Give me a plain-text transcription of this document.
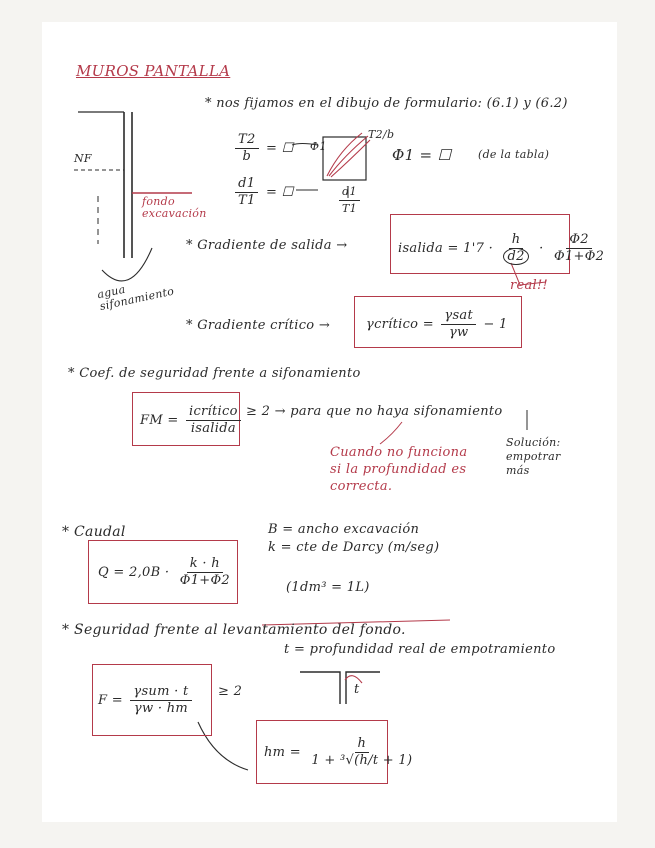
MUROS PANTALLA
* nos fijamos en el dibujo de formulario: (6.1) y (6.2)
NF
fondo excavación
agua sifonamiento
$\frac{T2}{b}$ = ☐
$\frac{d1}{T1}$ = ☐
Φ1
T2/b
$\frac{d1}{T1}$
Φ1 = ☐ (de la tabla)
* Gradiente de salida →	isalida = $1'7 \cdot \frac{h}{d2} \cdot \frac{\Phi 2}{\Phi 1+\Phi 2}$
real!!
* Gradiente crítico →	γcrítico = $\frac{\text{γsat}}{\gamma w} - 1$
* Coef. de seguridad frente a sifonamiento
FM = $\frac{\text{icrítico}}{\text{isalida}} \ge 2$ → para que no haya sifonamiento
Cuando no funciona si la profundidad es correcta.
Solución: empotrar más
* Caudal
$Q = 2,0B \cdot \frac{k \cdot h}{\Phi 1+\Phi 2}$
B = ancho excavación
k = cte de Darcy (m/seg)
(1dm³ = 1L)
* Seguridad frente al levantamiento del fondo.
t = profundidad real de empotramiento
t
$F = \frac{\text{γsum · t}}{\gamma w \cdot hm} \ge 2$
hm = $\frac{h}{\text{1 + ³√(h/t + 1)}}$
